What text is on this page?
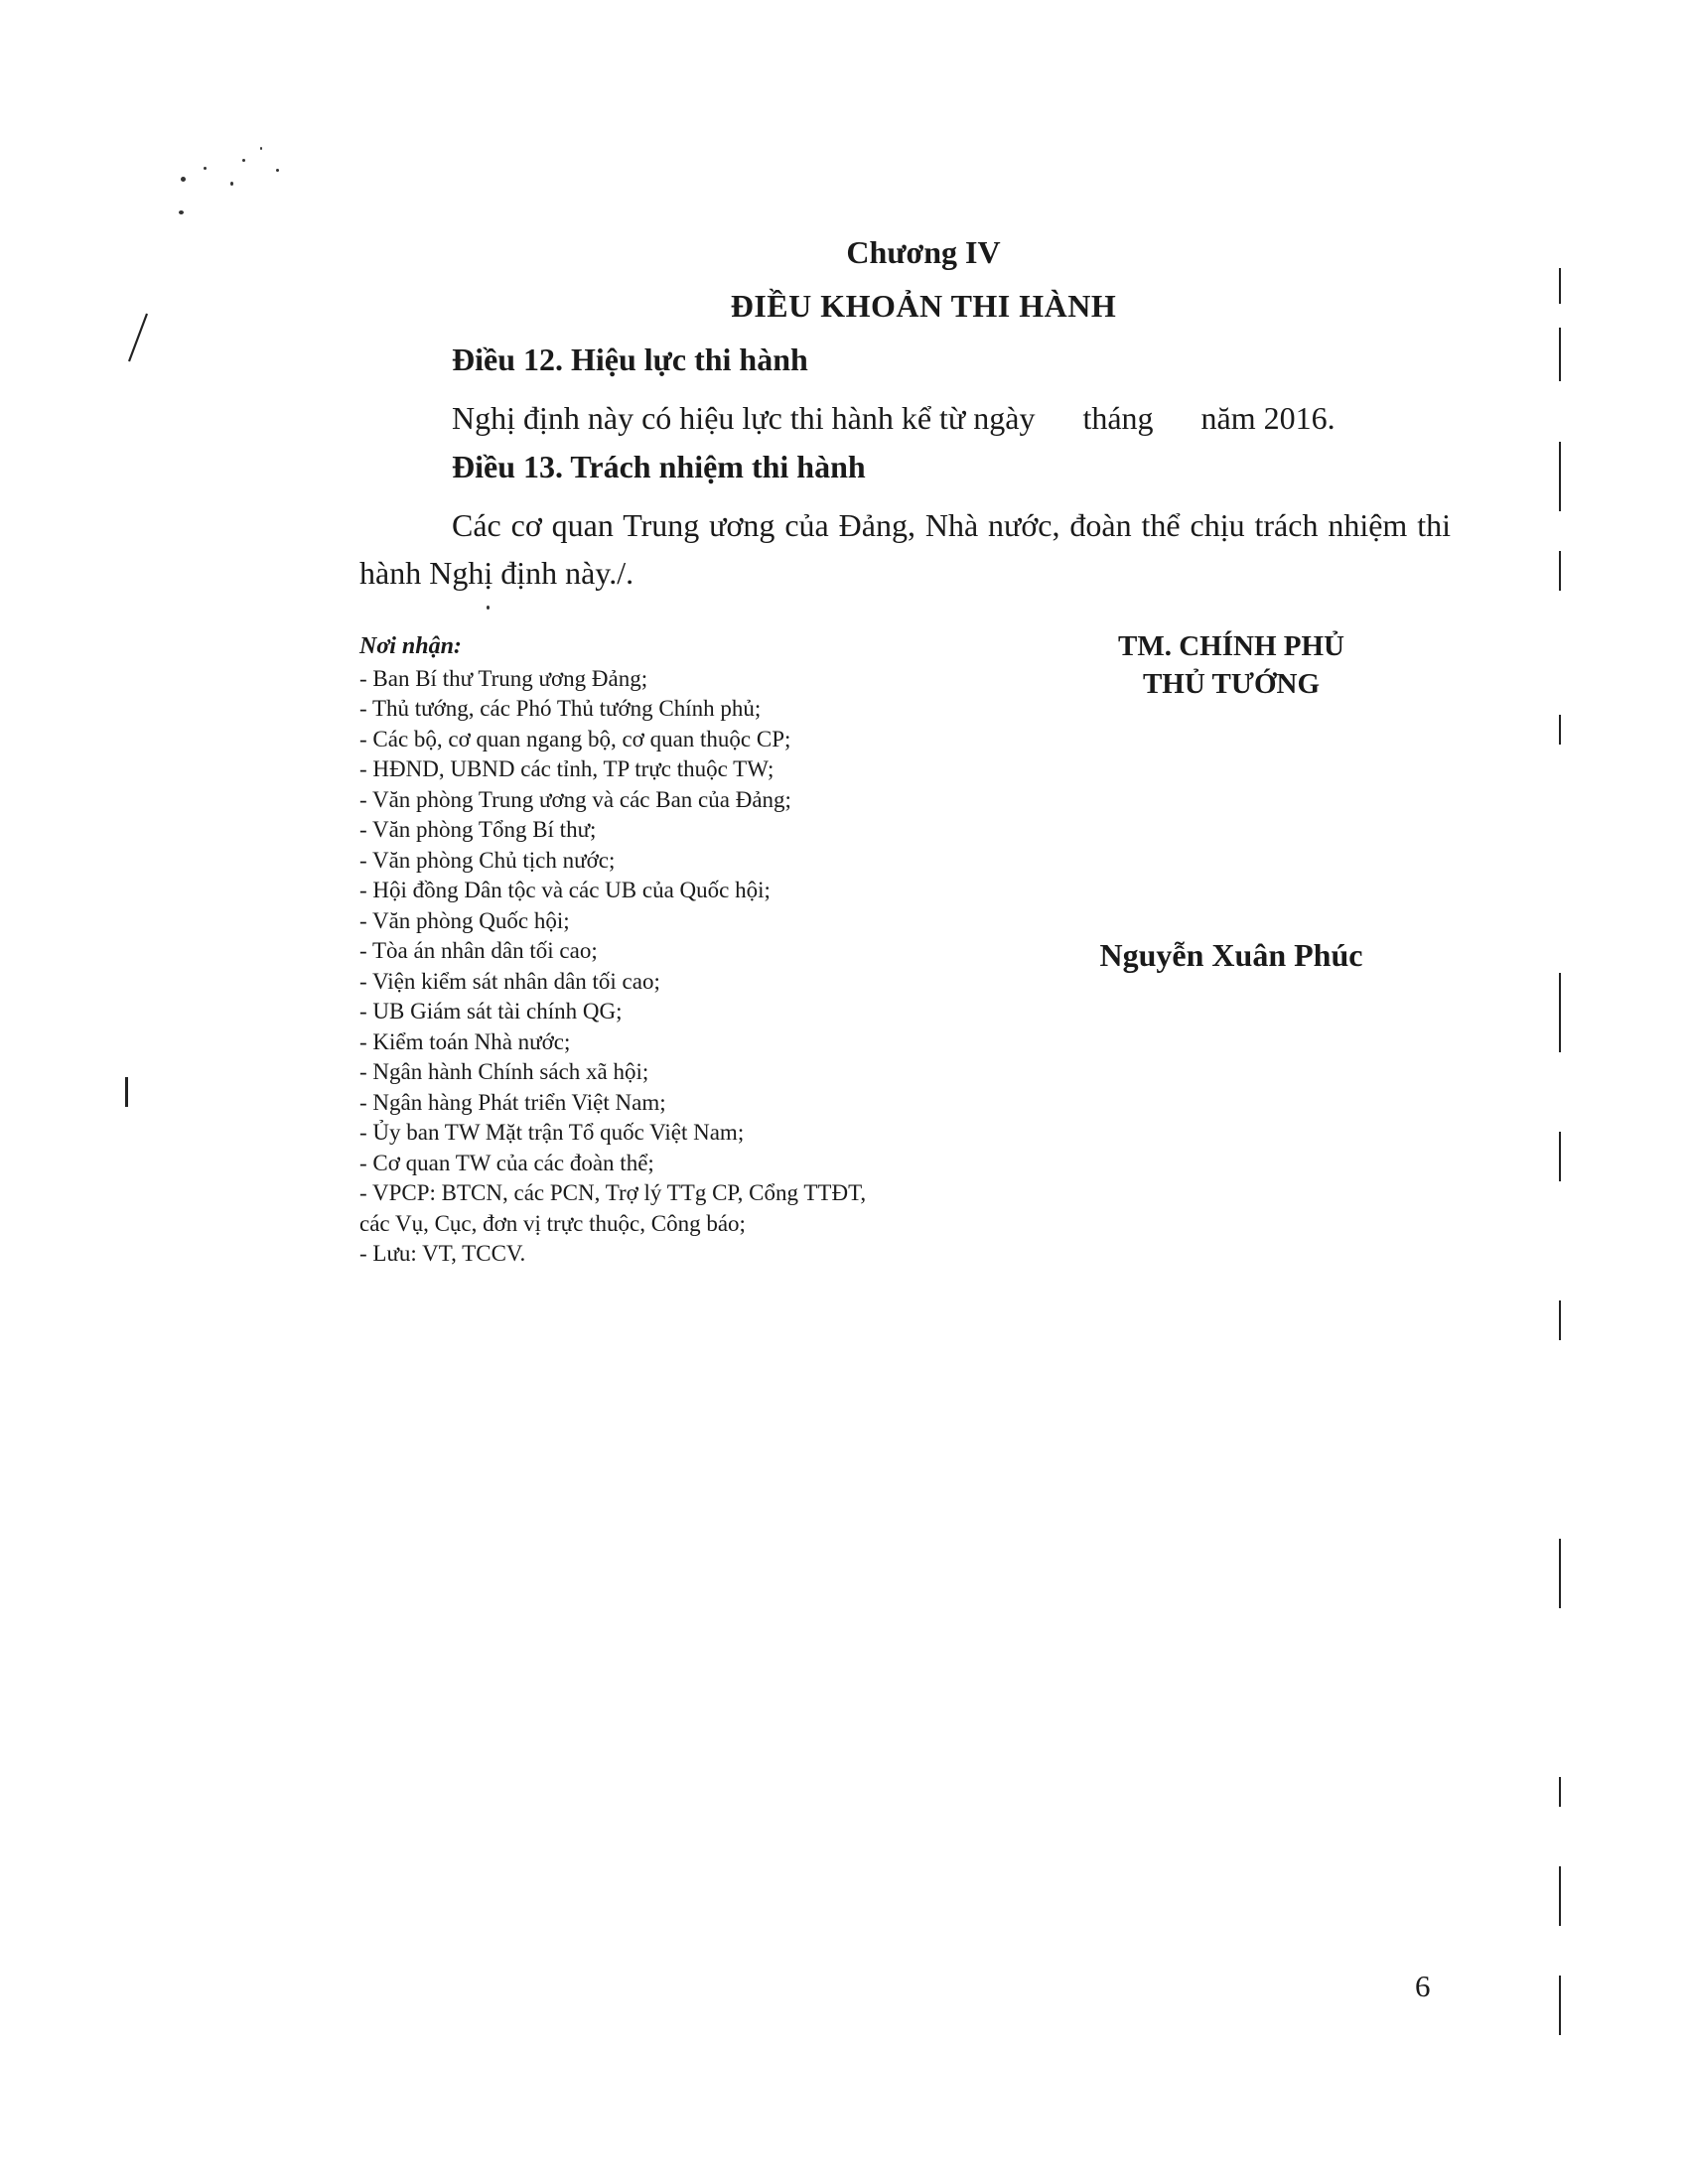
Chương IV
ĐIỀU KHOẢN THI HÀNH
Điều 12. Hiệu lực thi hành
Nghị định này có hiệu lực thi hành kể từ ngày      tháng      năm 2016.
Điều 13. Trách nhiệm thi hành
Các cơ quan Trung ương của Đảng, Nhà nước, đoàn thể chịu trách nhiệm thi hành Nghị định này./.
Nơi nhận:
- Ban Bí thư Trung ương Đảng;
- Thủ tướng, các Phó Thủ tướng Chính phủ;
- Các bộ, cơ quan ngang bộ, cơ quan thuộc CP;
- HĐND, UBND các tỉnh, TP trực thuộc TW;
- Văn phòng Trung ương và các Ban của Đảng;
- Văn phòng Tổng Bí thư;
- Văn phòng Chủ tịch nước;
- Hội đồng Dân tộc và các UB của Quốc hội;
- Văn phòng Quốc hội;
- Tòa án nhân dân tối cao;
- Viện kiểm sát nhân dân tối cao;
- UB Giám sát tài chính QG;
- Kiểm toán Nhà nước;
- Ngân hành Chính sách xã hội;
- Ngân hàng Phát triển Việt Nam;
- Ủy ban TW Mặt trận Tổ quốc Việt Nam;
- Cơ quan TW của các đoàn thể;
- VPCP: BTCN, các PCN, Trợ lý TTg CP, Cổng TTĐT,
các Vụ, Cục, đơn vị trực thuộc, Công báo;
- Lưu: VT, TCCV.
TM. CHÍNH PHỦ
THỦ TƯỚNG
Nguyễn Xuân Phúc
6
